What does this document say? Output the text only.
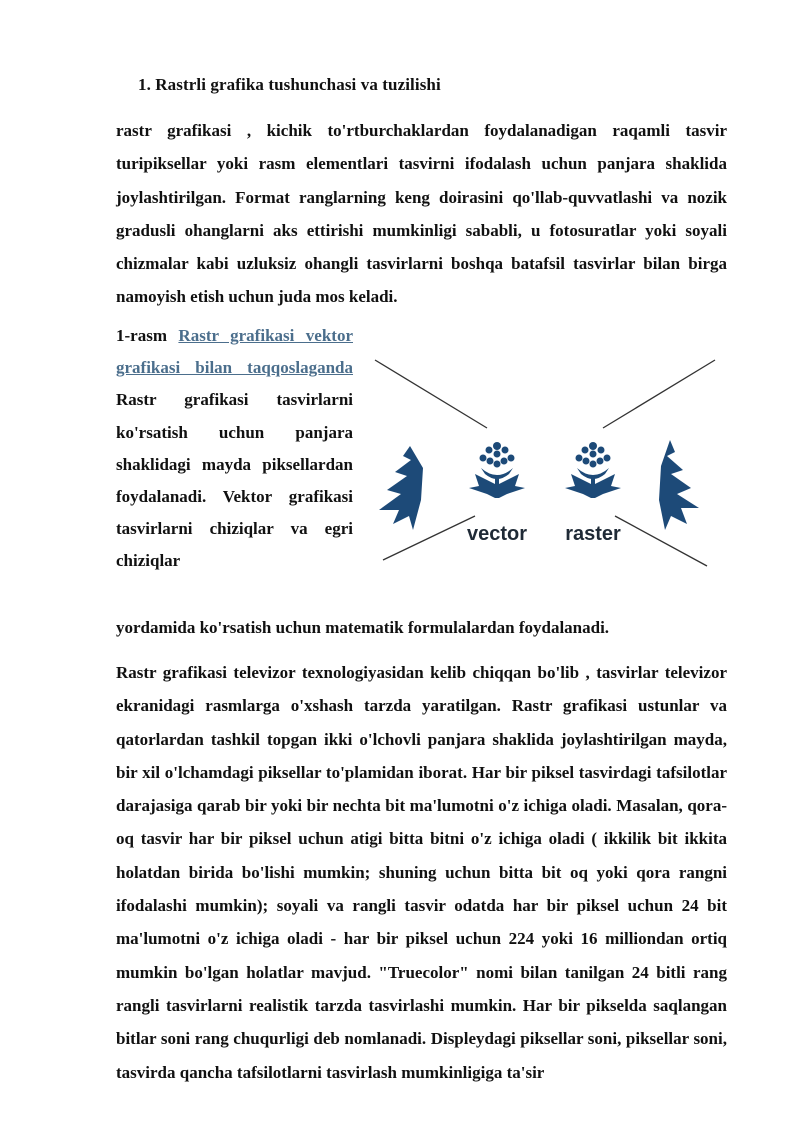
1. Rastrli grafika tushunchasi va tuzilishi

rastr grafikasi , kichik to'rtburchaklardan foydalanadigan raqamli tasvir turipiksellar yoki rasm elementlari tasvirni ifodalash uchun panjara shaklida joylashtirilgan. Format ranglarning keng doirasini qo'llab-quvvatlashi va nozik gradusli ohanglarni aks ettirishi mumkinligi sababli, u fotosuratlar yoki soyali chizmalar kabi uzluksiz ohangli tasvirlarni boshqa batafsil tasvirlar bilan birga namoyish etish uchun juda mos keladi.

1-rasm Rastr grafikasi vektor grafikasi bilan taqqoslaganda Rastr grafikasi tasvirlarni ko'rsatish uchun panjara shaklidagi mayda piksellardan foydalanadi. Vektor grafikasi tasvirlarni chiziqlar va egri chiziqlar

yordamida ko'rsatish uchun matematik formulalardan foydalanadi.

vector raster

Rastr grafikasi televizor texnologiyasidan kelib chiqqan bo'lib , tasvirlar televizor ekranidagi rasmlarga o'xshash tarzda yaratilgan. Rastr grafikasi ustunlar va qatorlardan tashkil topgan ikki o'lchovli panjara shaklida joylashtirilgan mayda, bir xil o'lchamdagi piksellar to'plamidan iborat. Har bir piksel tasvirdagi tafsilotlar darajasiga qarab bir yoki bir nechta bit ma'lumotni o'z ichiga oladi. Masalan, qora-oq tasvir har bir piksel uchun atigi bitta bitni o'z ichiga oladi ( ikkilik bit ikkita holatdan birida bo'lishi mumkin; shuning uchun bitta bit oq yoki qora rangni ifodalashi mumkin); soyali va rangli tasvir odatda har bir piksel uchun 24 bit ma'lumotni o'z ichiga oladi - har bir piksel uchun 224 yoki 16 milliondan ortiq mumkin bo'lgan holatlar mavjud. "Truecolor" nomi bilan tanilgan 24 bitli rang rangli tasvirlarni realistik tarzda tasvirlashi mumkin. Har bir pikselda saqlangan bitlar soni rang chuqurligi deb nomlanadi. Displeydagi piksellar soni, piksellar soni, tasvirda qancha tafsilotlarni tasvirlash mumkinligiga ta'sir
